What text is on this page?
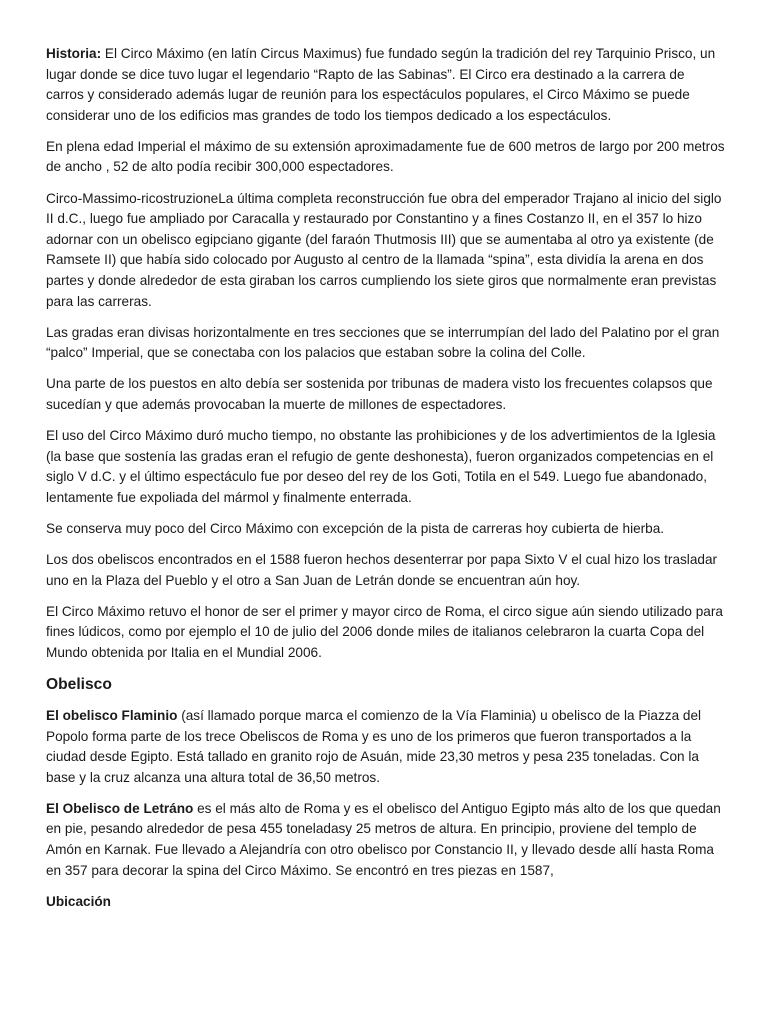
Historia: El Circo Máximo (en latín Circus Maximus) fue fundado según la tradición del rey Tarquinio Prisco, un lugar donde se dice tuvo lugar el legendario “Rapto de las Sabinas”. El Circo era destinado a la carrera de carros y considerado además lugar de reunión para los espectáculos populares, el Circo Máximo se puede considerar uno de los edificios mas grandes de todo los tiempos dedicado a los espectáculos.

En plena edad Imperial el máximo de su extensión aproximadamente fue de 600 metros de largo por 200 metros de ancho , 52 de alto podía recibir 300,000 espectadores.

Circo-Massimo-ricostruzioneLa última completa reconstrucción fue obra del emperador Trajano al inicio del siglo II d.C., luego fue ampliado por Caracalla y restaurado por Constantino y a fines Costanzo II, en el 357 lo hizo adornar con un obelisco egipciano gigante (del faraón Thutmosis III) que se aumentaba al otro ya existente (de Ramsete II) que había sido colocado por Augusto al centro de la llamada “spina”, esta dividía la arena en dos partes y donde alrededor de esta giraban los carros cumpliendo los siete giros que normalmente eran previstas para las carreras.

Las gradas eran divisas horizontalmente en tres secciones que se interrumpían del lado del Palatino por el gran “palco” Imperial, que se conectaba con los palacios que estaban sobre la colina del Colle.

Una parte de los puestos en alto debía ser sostenida por tribunas de madera visto los frecuentes colapsos que sucedían y que además provocaban la muerte de millones de espectadores.

El uso del Circo Máximo duró mucho tiempo, no obstante las prohibiciones y de los advertimientos de la Iglesia (la base que sostenía las gradas eran el refugio de gente deshonesta), fueron organizados competencias en el siglo V d.C. y el último espectáculo fue por deseo del rey de los Goti, Totila en el 549. Luego fue abandonado, lentamente fue expoliada del mármol y finalmente enterrada.

Se conserva muy poco del Circo Máximo con excepción de la pista de carreras hoy cubierta de hierba.

Los dos obeliscos encontrados en el 1588 fueron hechos desenterrar por papa Sixto V el cual hizo los trasladar uno en la Plaza del Pueblo y el otro a San Juan de Letrán donde se encuentran aún hoy.

El Circo Máximo retuvo el honor de ser el primer y mayor circo de Roma, el circo sigue aún siendo utilizado para fines lúdicos, como por ejemplo el 10 de julio del 2006 donde miles de italianos celebraron la cuarta Copa del Mundo obtenida por Italia en el Mundial 2006.

Obelisco

El obelisco Flaminio (así llamado porque marca el comienzo de la Vía Flaminia) u obelisco de la Piazza del Popolo forma parte de los trece Obeliscos de Roma y es uno de los primeros que fueron transportados a la ciudad desde Egipto. Está tallado en granito rojo de Asuán, mide 23,30 metros y pesa 235 toneladas. Con la base y la cruz alcanza una altura total de 36,50 metros.

El Obelisco de Letráno es el más alto de Roma y es el obelisco del Antiguo Egipto más alto de los que quedan en pie, pesando alrededor de pesa 455 toneladasy 25 metros de altura. En principio, proviene del templo de Amón en Karnak. Fue llevado a Alejandría con otro obelisco por Constancio II, y llevado desde allí hasta Roma en 357 para decorar la spina del Circo Máximo. Se encontró en tres piezas en 1587,

Ubicación
